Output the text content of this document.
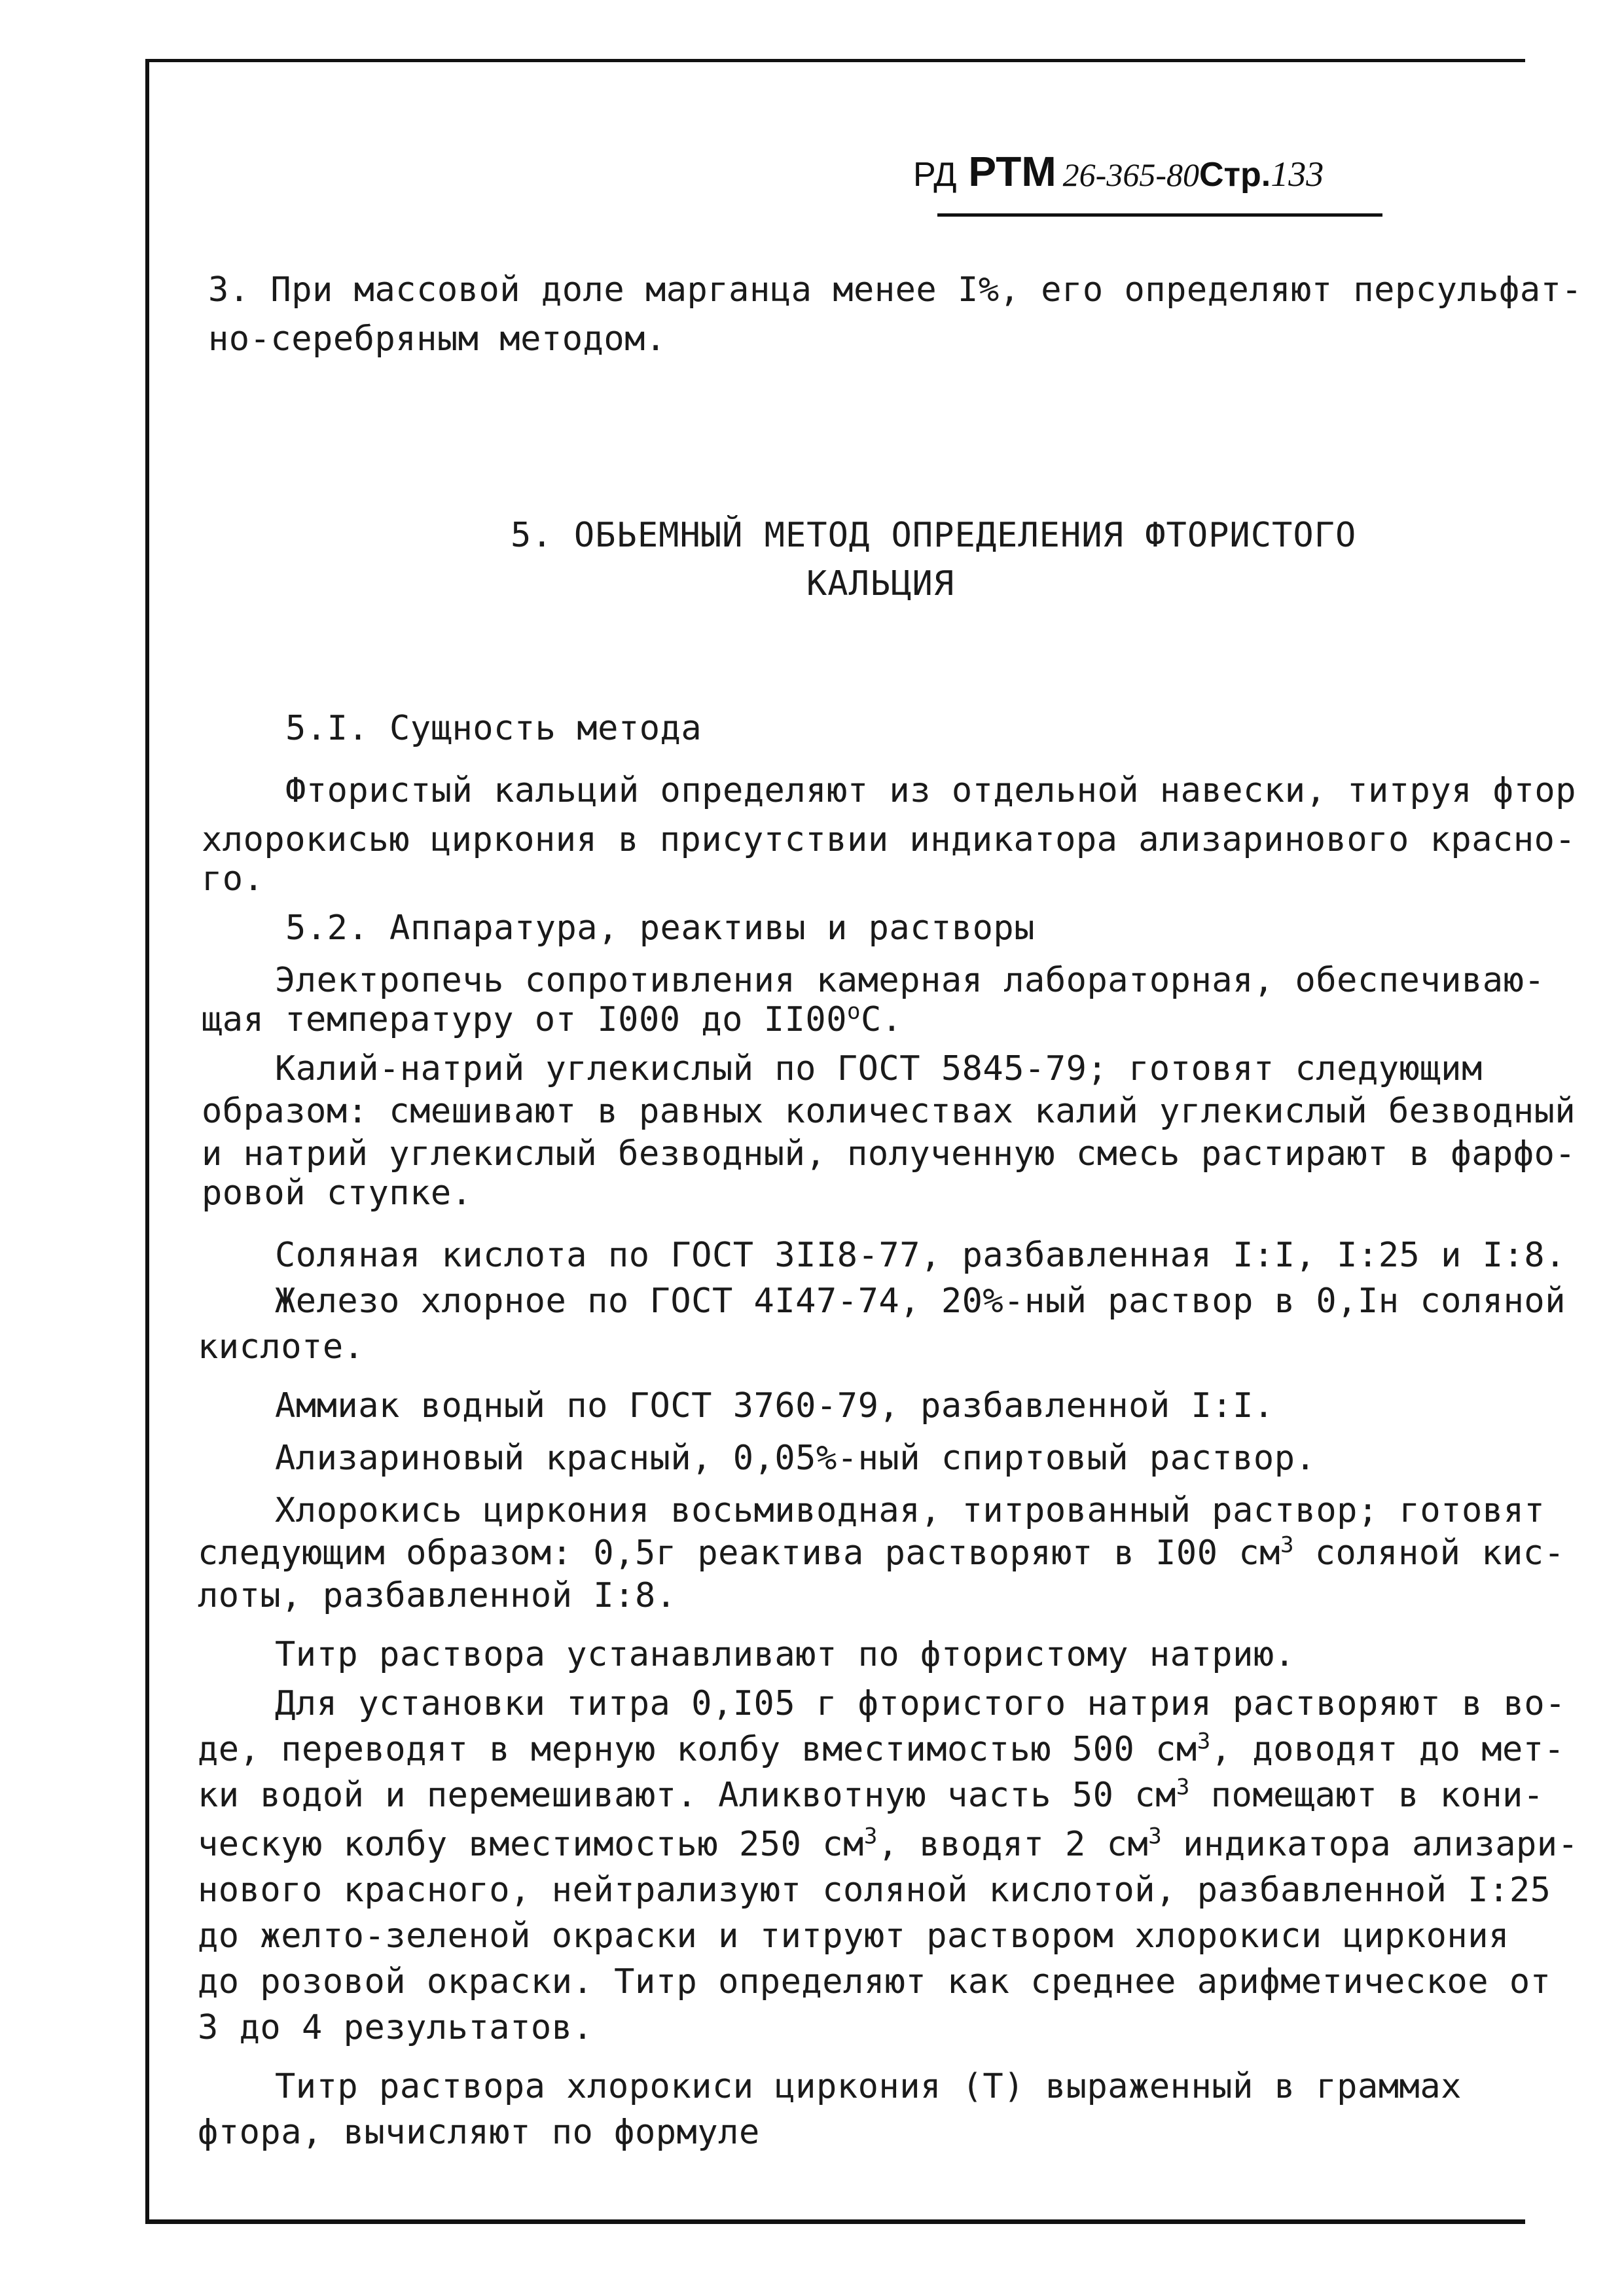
РД РТМ 26-365-80Стр.133
3. При массовой доле марганца менее I%, его определяют персульфат-
но-серебряным методом.
5. ОБЬЕМНЫЙ МЕТОД ОПРЕДЕЛЕНИЯ ФТОРИСТОГО
КАЛЬЦИЯ
5.I. Сущность метода
Фтористый кальций определяют из отдельной навески, титруя фтор
хлорокисью циркония в присутствии индикатора ализаринового красно-
го.
5.2. Аппаратура, реактивы и растворы
Электропечь сопротивления камерная лабораторная, обеспечиваю-
щая температуру от I000 до $II00^оС$.
Калий-натрий углекислый по ГОСТ 5845-79; готовят следующим
образом: смешивают в равных количествах калий углекислый безводный
и натрий углекислый безводный, полученную смесь растирают в фарфо-
ровой ступке.
Соляная кислота по ГОСТ 3II8-77, разбавленная I:I, I:25 и I:8.
Железо хлорное по ГОСТ 4I47-74, 20%-ный раствор в 0,Iн соляной
кислоте.
Аммиак водный по ГОСТ 3760-79, разбавленной I:I.
Ализариновый красный, 0,05%-ный спиртовый раствор.
Хлорокись циркония восьмиводная, титрованный раствор; готовят
следующим образом: 0,5г реактива растворяют в I00 $см^3$ соляной кис-
лоты, разбавленной I:8.
Титр раствора устанавливают по фтористому натрию.
Для установки титра 0,I05 г фтористого натрия растворяют в во-
де, переводят в мерную колбу вместимостью 500 $см^3$, доводят до мет-
ки водой и перемешивают. Аликвотную часть 50 $см^3$ помещают в кони-
ческую колбу вместимостью 250 $см^3$, вводят 2 $см^3$ индикатора ализари-
нового красного, нейтрализуют соляной кислотой, разбавленной I:25
до желто-зеленой окраски и титруют раствором хлорокиси циркония
до розовой окраски. Титр определяют как среднее арифметическое от
3 до 4 результатов.
Титр раствора хлорокиси циркония (Т) выраженный в граммах
фтора, вычисляют по формуле
